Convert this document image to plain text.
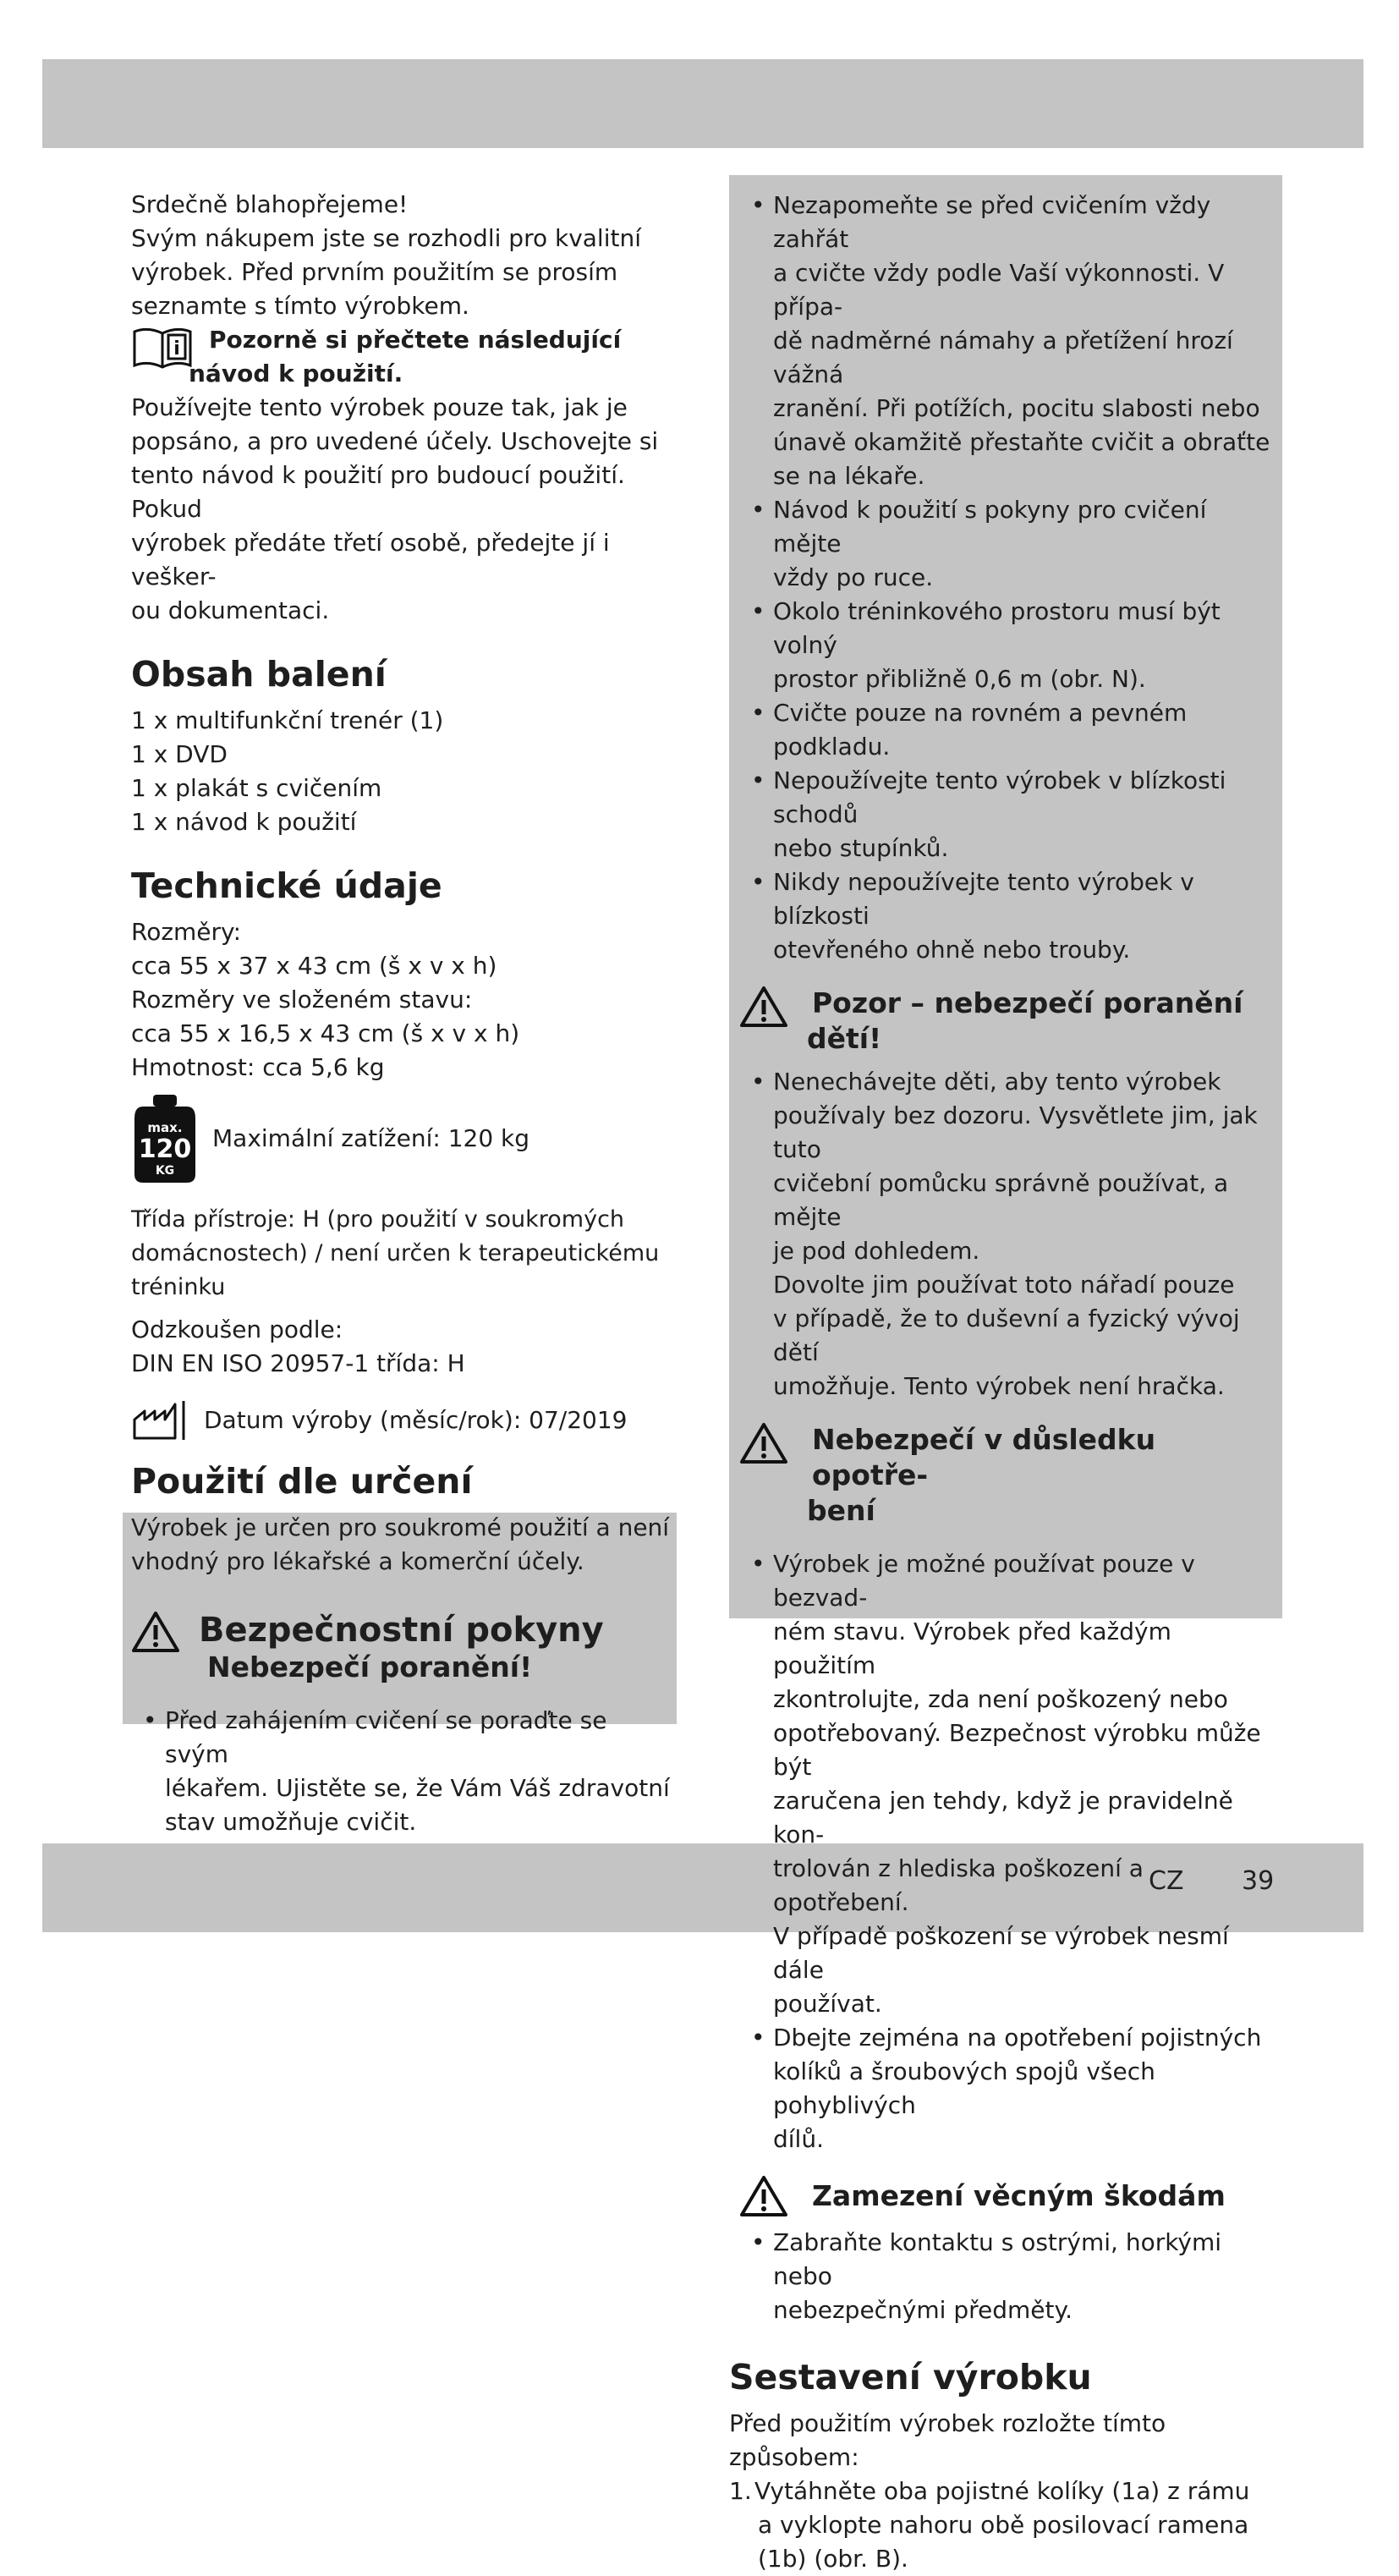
CZ 39

Srdečně blahopřejeme!

Svým nákupem jste se rozhodli pro kvalitní

výrobek. Před prvním použitím se prosím

seznamte s tímto výrobkem.

i	Pozorně si přečtete následující
návod k použití.

Používejte tento výrobek pouze tak, jak je

popsáno, a pro uvedené účely. Uschovejte si

tento návod k použití pro budoucí použití. Pokud

výrobek předáte třetí osobě, předejte jí i vešker-

ou dokumentaci.

Obsah balení

1 x multifunkční trenér (1)

1 x DVD

1 x plakát s cvičením

1 x návod k použití

Technické údaje

Rozměry:

cca 55 x 37 x 43 cm (š x v x h)

Rozměry ve složeném stavu:

cca 55 x 16,5 x 43 cm (š x v x h)

Hmotnost: cca 5,6 kg

max.
120
KG
Maximální zatížení: 120 kg

Třída přístroje: H (pro použití v soukromých

domácnostech) / není určen k terapeutickému

tréninku

Odzkoušen podle:

DIN EN ISO 20957-1 třída: H

Datum výroby (měsíc/rok): 07/2019
Použití dle určení

Výrobek je určen pro soukromé použití a není

vhodný pro lékařské a komerční účely.

Bezpečnostní pokyny
Nebezpečí poranění!
• Před zahájením cvičení se poraďte se svým
lékařem. Ujistěte se, že Vám Váš zdravotní
stav umožňuje cvičit.
• Nezapomeňte se před cvičením vždy zahřát
a cvičte vždy podle Vaší výkonnosti. V přípa-
dě nadměrné námahy a přetížení hrozí vážná
zranění. Při potížích, pocitu slabosti nebo
únavě okamžitě přestaňte cvičit a obraťte
se na lékaře.
• Návod k použití s pokyny pro cvičení mějte
vždy po ruce.
• Okolo tréninkového prostoru musí být volný
prostor přibližně 0,6 m (obr. N).
• Cvičte pouze na rovném a pevném podkladu.
• Nepoužívejte tento výrobek v blízkosti schodů
nebo stupínků.
• Nikdy nepoužívejte tento výrobek v blízkosti
otevřeného ohně nebo trouby.
Pozor – nebezpečí poranění
dětí!
• Nenechávejte děti, aby tento výrobek
používaly bez dozoru. Vysvětlete jim, jak tuto
cvičební pomůcku správně používat, a mějte
je pod dohledem.
Dovolte jim používat toto nářadí pouze
v případě, že to duševní a fyzický vývoj dětí
umožňuje. Tento výrobek není hračka.
Nebezpečí v důsledku opotře-
bení
• Výrobek je možné používat pouze v bezvad-
ném stavu. Výrobek před každým použitím
zkontrolujte, zda není poškozený nebo
opotřebovaný. Bezpečnost výrobku může být
zaručena jen tehdy, když je pravidelně kon-
trolován z hlediska poškození a opotřebení.
V případě poškození se výrobek nesmí dále
používat.
• Dbejte zejména na opotřebení pojistných
kolíků a šroubových spojů všech pohyblivých
dílů.
Zamezení věcným škodám
• Zabraňte kontaktu s ostrými, horkými nebo
nebezpečnými předměty.
Sestavení výrobku

Před použitím výrobek rozložte tímto způsobem:

1. Vytáhněte oba pojistné kolíky (1a) z rámu

a vyklopte nahoru obě posilovací ramena

(1b) (obr. B).
